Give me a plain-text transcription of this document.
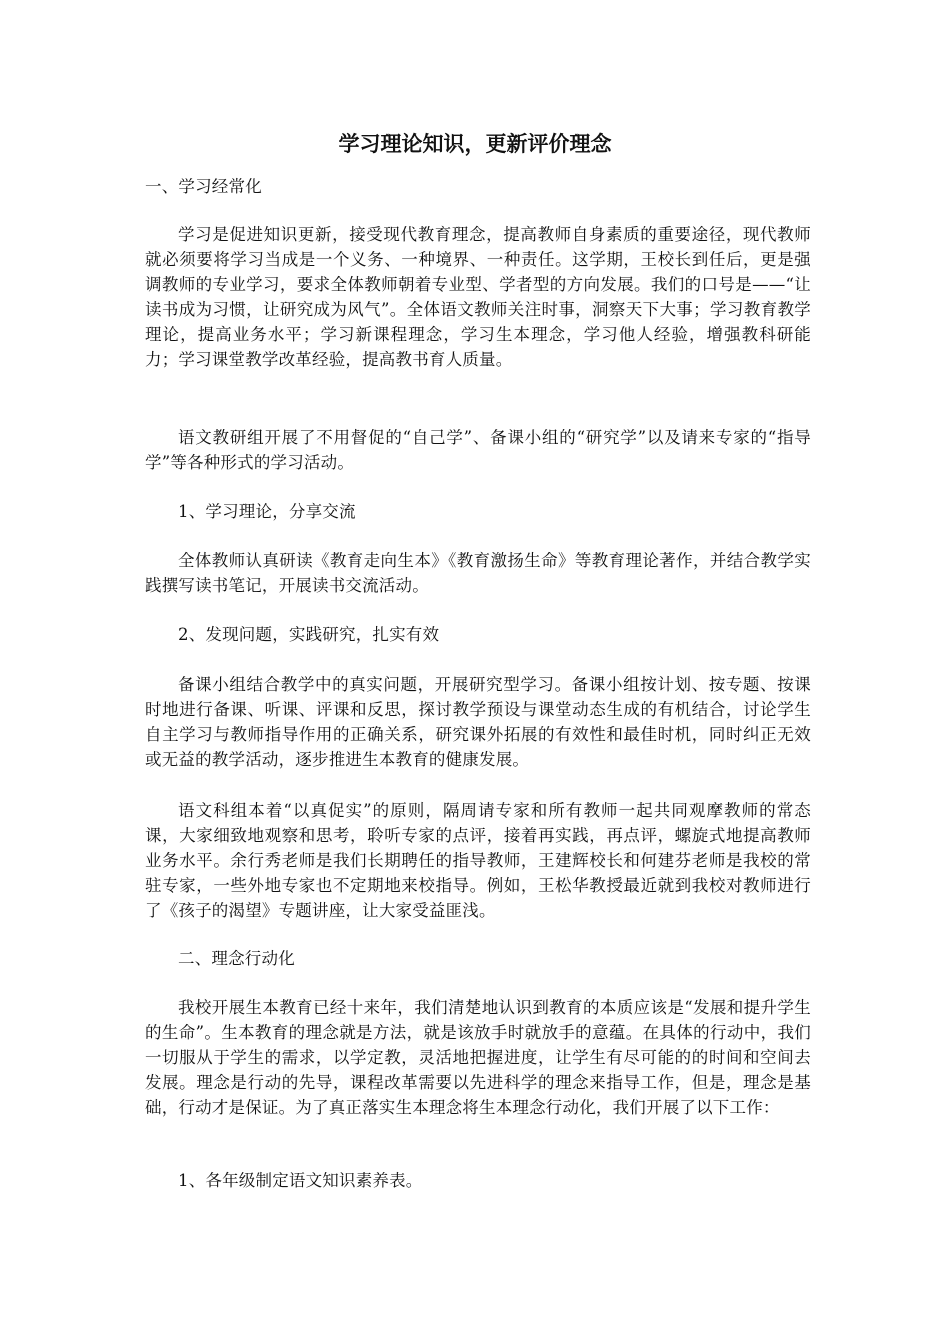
学习理论知识，更新评价理念
一、学习经常化
学习是促进知识更新，接受现代教育理念，提高教师自身素质的重要途径，现代教师就必须要将学习当成是一个义务、一种境界、一种责任。这学期，王校长到任后，更是强调教师的专业学习，要求全体教师朝着专业型、学者型的方向发展。我们的口号是——“让读书成为习惯，让研究成为风气”。全体语文教师关注时事，洞察天下大事；学习教育教学理论，提高业务水平；学习新课程理念，学习生本理念，学习他人经验，增强教科研能力；学习课堂教学改革经验，提高教书育人质量。
语文教研组开展了不用督促的“自己学”、备课小组的“研究学”以及请来专家的“指导学”等各种形式的学习活动。
1、学习理论，分享交流
全体教师认真研读《教育走向生本》《教育激扬生命》等教育理论著作，并结合教学实践撰写读书笔记，开展读书交流活动。
2、发现问题，实践研究，扎实有效
备课小组结合教学中的真实问题，开展研究型学习。备课小组按计划、按专题、按课时地进行备课、听课、评课和反思，探讨教学预设与课堂动态生成的有机结合，讨论学生自主学习与教师指导作用的正确关系，研究课外拓展的有效性和最佳时机，同时纠正无效或无益的教学活动，逐步推进生本教育的健康发展。
语文科组本着“以真促实”的原则，隔周请专家和所有教师一起共同观摩教师的常态课，大家细致地观察和思考，聆听专家的点评，接着再实践，再点评，螺旋式地提高教师业务水平。余行秀老师是我们长期聘任的指导教师，王建辉校长和何建芬老师是我校的常驻专家，一些外地专家也不定期地来校指导。例如，王松华教授最近就到我校对教师进行了《孩子的渴望》专题讲座，让大家受益匪浅。
二、理念行动化
我校开展生本教育已经十来年，我们清楚地认识到教育的本质应该是“发展和提升学生的生命”。生本教育的理念就是方法，就是该放手时就放手的意蕴。在具体的行动中，我们一切服从于学生的需求，以学定教，灵活地把握进度，让学生有尽可能的的时间和空间去发展。理念是行动的先导，课程改革需要以先进科学的理念来指导工作，但是，理念是基础，行动才是保证。为了真正落实生本理念将生本理念行动化，我们开展了以下工作：
1、各年级制定语文知识素养表。
